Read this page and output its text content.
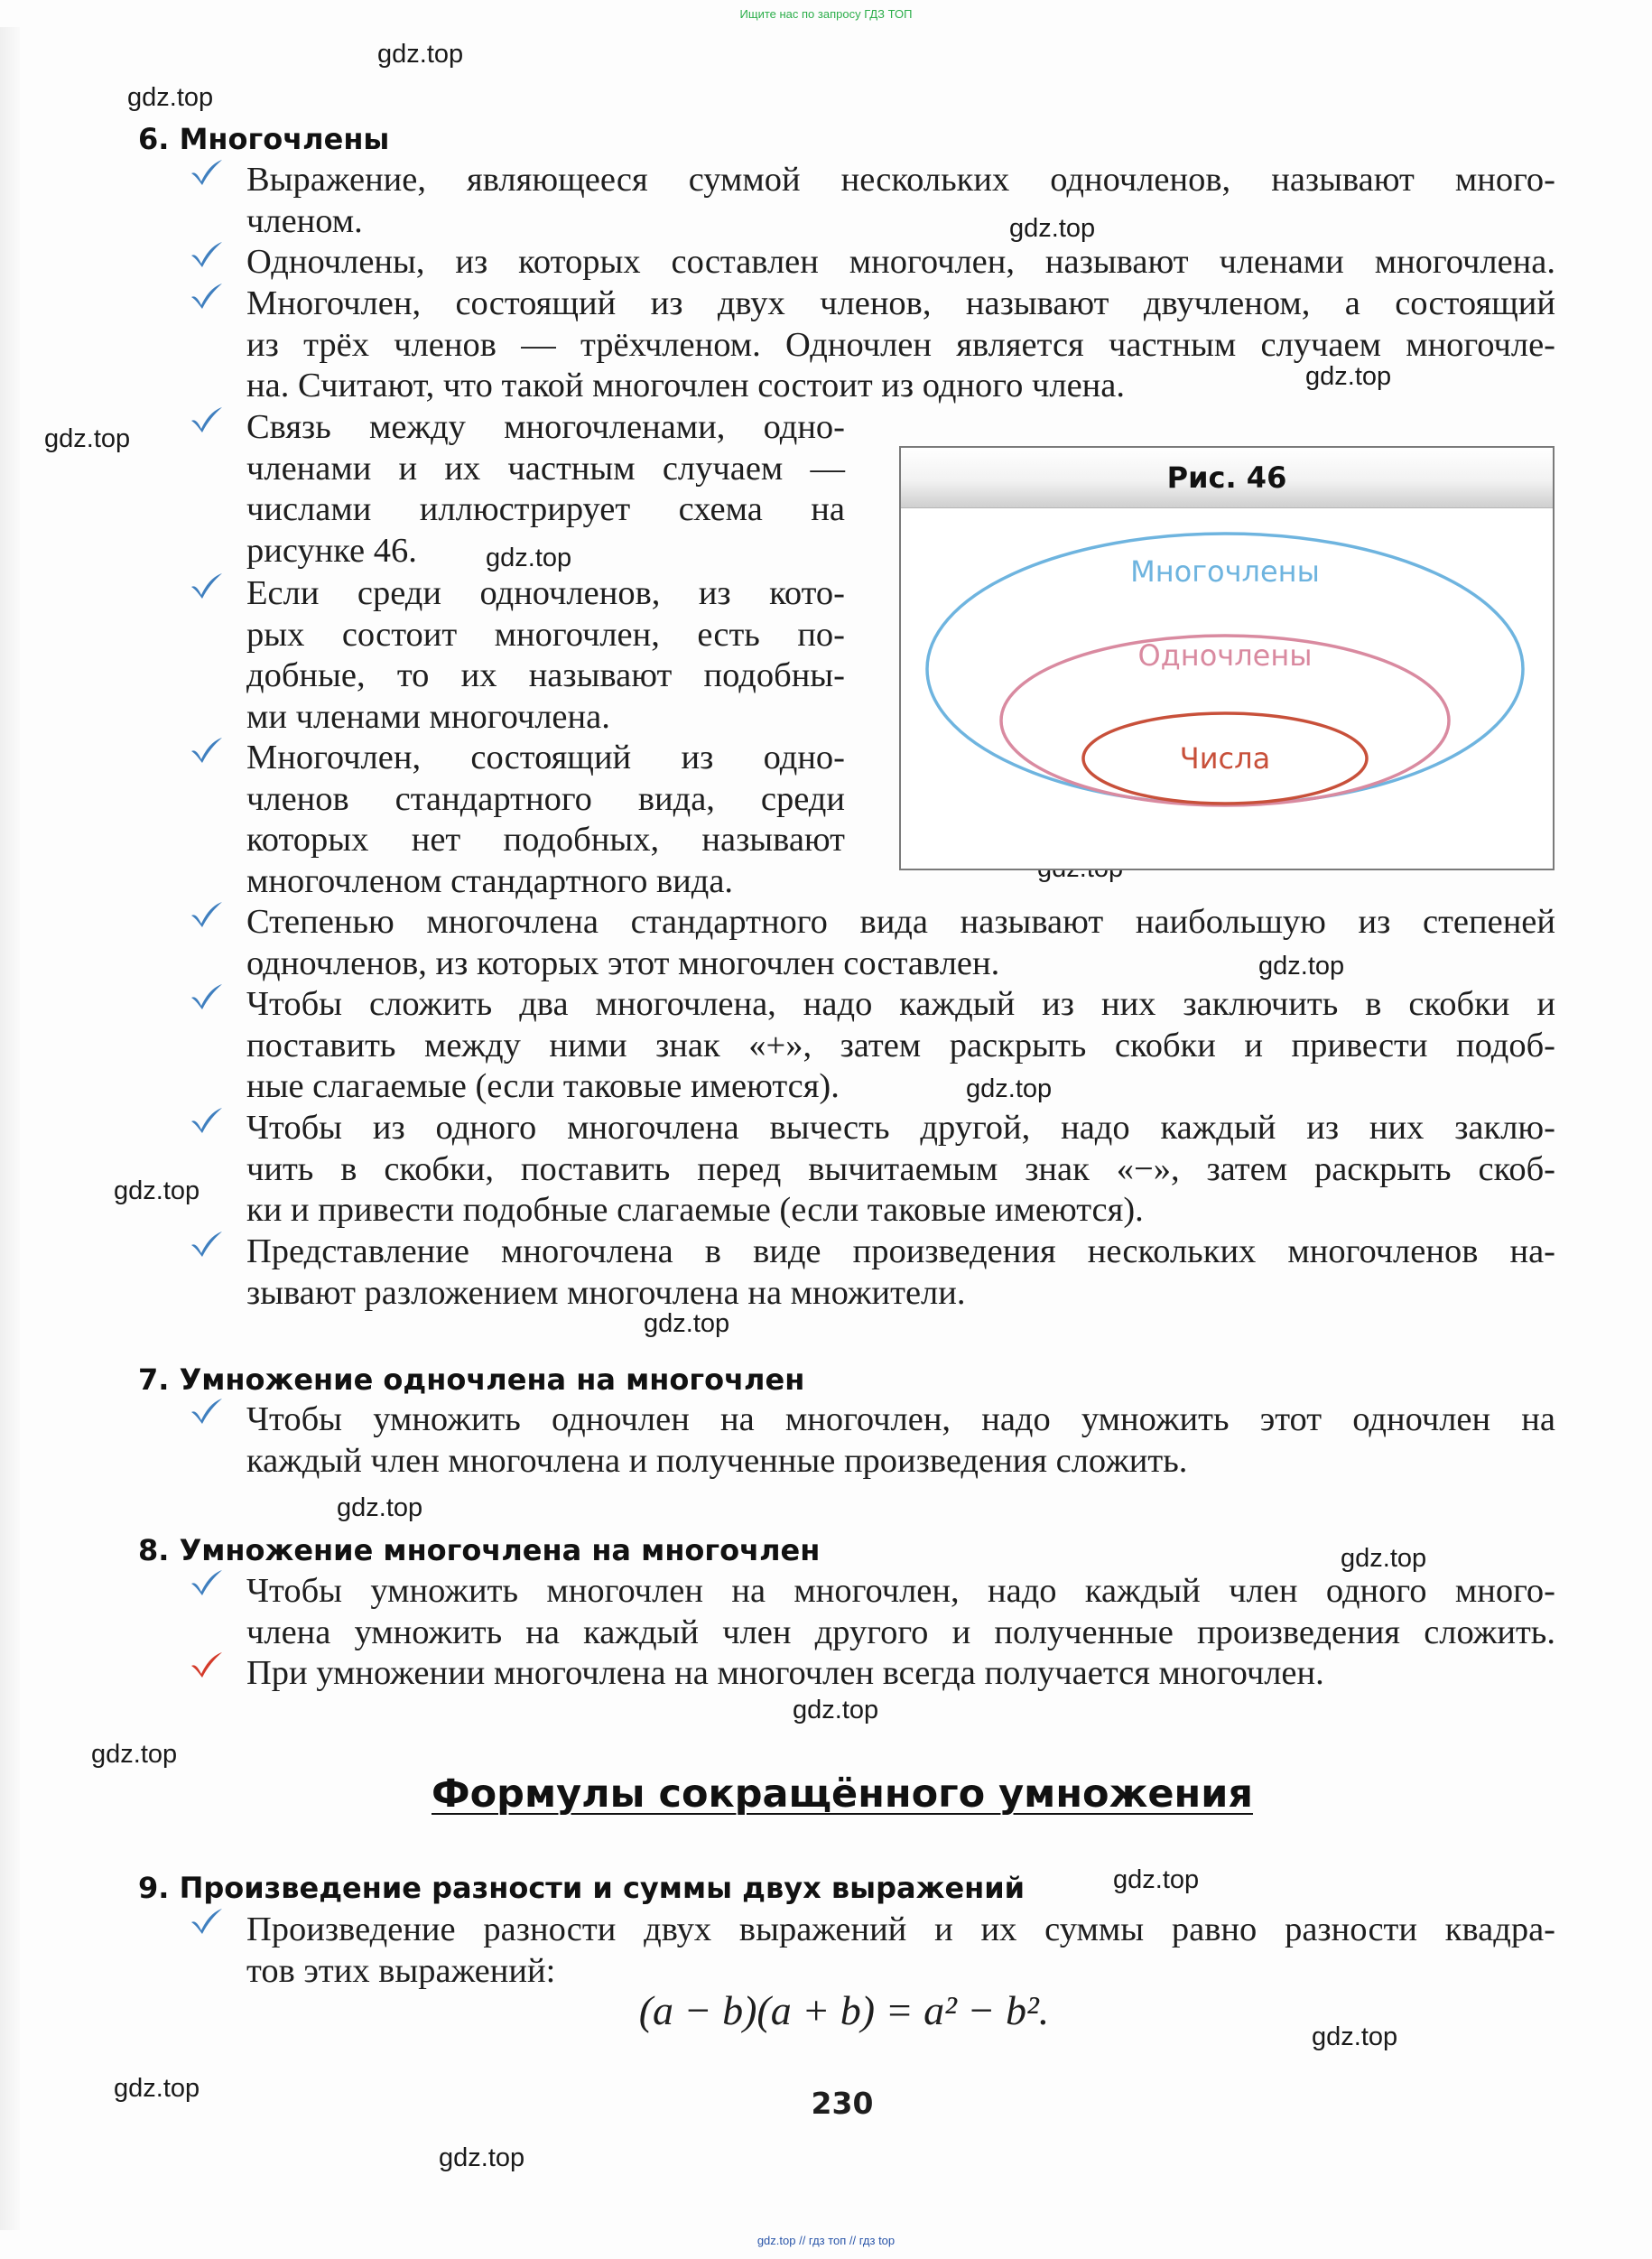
Ищите нас по запросу ГДЗ ТОП
gdz.top
gdz.top
gdz.top
gdz.top
gdz.top
gdz.top
gdz.top
gdz.top
gdz.top
gdz.top
gdz.top
gdz.top
gdz.top
gdz.top
gdz.top
gdz.top
gdz.top
gdz.top
6. Многочлены
Выражение, являющееся суммой нескольких одночленов, называют много-
членом.
Одночлены, из которых составлен многочлен, называют членами многочлена.
Многочлен, состоящий из двух членов, называют двучленом, а состоящий
из трёх членов — трёхчленом. Одночлен является частным случаем многочле-
на. Считают, что такой многочлен состоит из одного члена.
Связь между многочленами, одно-
членами и их частным случаем —
числами иллюстрирует схема на
рисунке 46.
Если среди одночленов, из кото-
рых состоит многочлен, есть по-
добные, то их называют подобны-
ми членами многочлена.
Многочлен, состоящий из одно-
членов стандартного вида, среди
которых нет подобных, называют
многочленом стандартного вида.
Степенью многочлена стандартного вида называют наибольшую из степеней
одночленов, из которых этот многочлен составлен.
Чтобы сложить два многочлена, надо каждый из них заключить в скобки и
поставить между ними знак «+», затем раскрыть скобки и привести подоб-
ные слагаемые (если таковые имеются).
Чтобы из одного многочлена вычесть другой, надо каждый из них заклю-
чить в скобки, поставить перед вычитаемым знак «−», затем раскрыть скоб-
ки и привести подобные слагаемые (если таковые имеются).
Представление многочлена в виде произведения нескольких многочленов на-
зывают разложением многочлена на множители.
Рис. 46
Многочлены
Одночлены
Числа
7. Умножение одночлена на многочлен
Чтобы умножить одночлен на многочлен, надо умножить этот одночлен на
каждый член многочлена и полученные произведения сложить.
8. Умножение многочлена на многочлен
Чтобы умножить многочлен на многочлен, надо каждый член одного много-
члена умножить на каждый член другого и полученные произведения сложить.
При умножении многочлена на многочлен всегда получается многочлен.
Формулы сокращённого умножения
9. Произведение разности и суммы двух выражений
Произведение разности двух выражений и их суммы равно разности квадра-
тов этих выражений:
(a − b)(a + b) = a² − b².
230
gdz.top // гдз топ // гдз top
